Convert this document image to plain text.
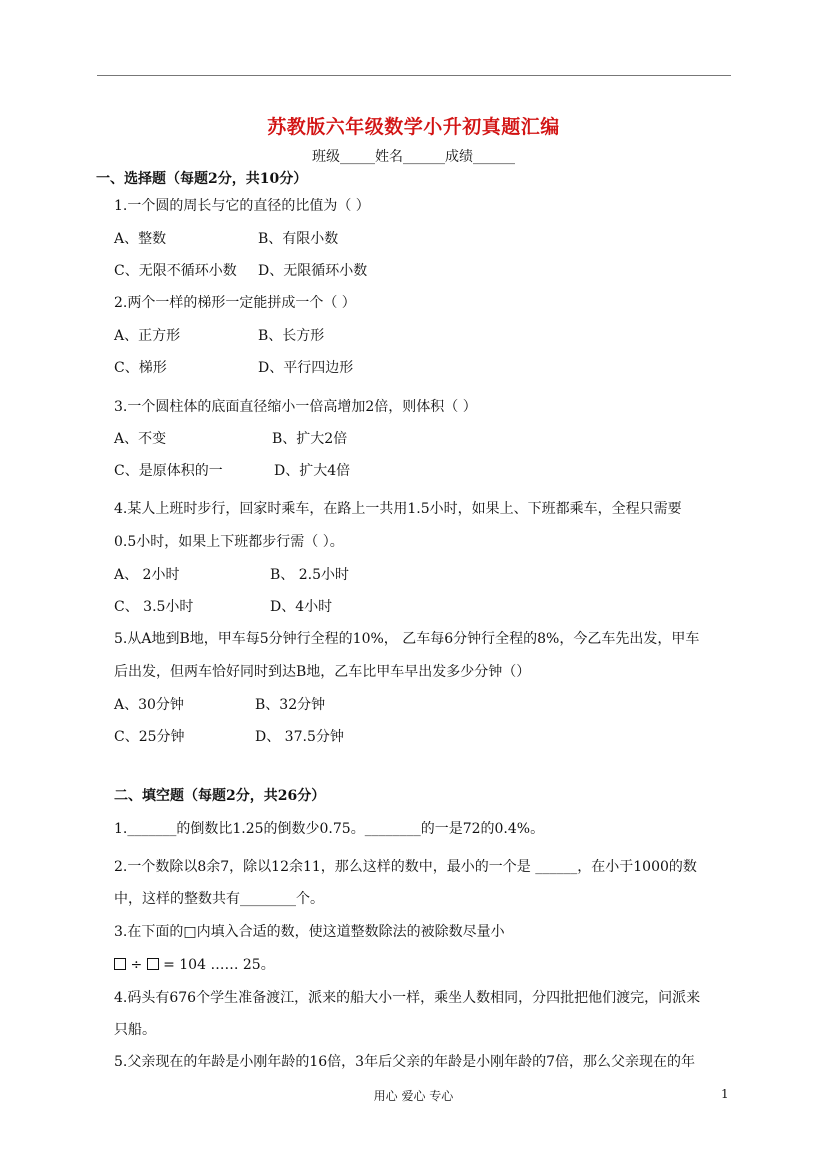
苏教版六年级数学小升初真题汇编
班级_____姓名______成绩______
一、选择题（每题2分，共10分）
1.一个圆的周长与它的直径的比值为（ ）
A、整数	B、有限小数
C、无限不循环小数 D、无限循环小数
2.两个一样的梯形一定能拼成一个（ ）
A、正方形	B、长方形
C、梯形	D、平行四边形
3.一个圆柱体的底面直径缩小一倍高增加2倍，则体积（ ）
A、不变	B、扩大2倍
C、是原体积的一	D、扩大4倍
4.某人上班时步行，回家时乘车，在路上一共用1.5小时，如果上、下班都乘车，全程只需要
0.5小时，如果上下班都步行需（ ）。
A、 2小时	B、 2.5小时
C、 3.5小时	D、4小时
5.从A地到B地，甲车每5分钟行全程的10%， 乙车每6分钟行全程的8%，今乙车先出发，甲车
后出发，但两车恰好同时到达B地，乙车比甲车早出发多少分钟（）
A、30分钟	B、32分钟
C、25分钟	D、 37.5分钟
二、填空题（每题2分，共26分）
1._______的倒数比1.25的倒数少0.75。________的一是72的0.4%。
2.一个数除以8余7，除以12余11，那么这样的数中，最小的一个是 ______，在小于1000的数
中，这样的整数共有________个。
3.在下面的□内填入合适的数，使这道整数除法的被除数尽量小
÷ = 104 …… 25。
4.码头有676个学生准备渡江，派来的船大小一样，乘坐人数相同，分四批把他们渡完，问派来
只船。
5.父亲现在的年龄是小刚年龄的16倍，3年后父亲的年龄是小刚年龄的7倍，那么父亲现在的年
用心 爱心 专心	1
